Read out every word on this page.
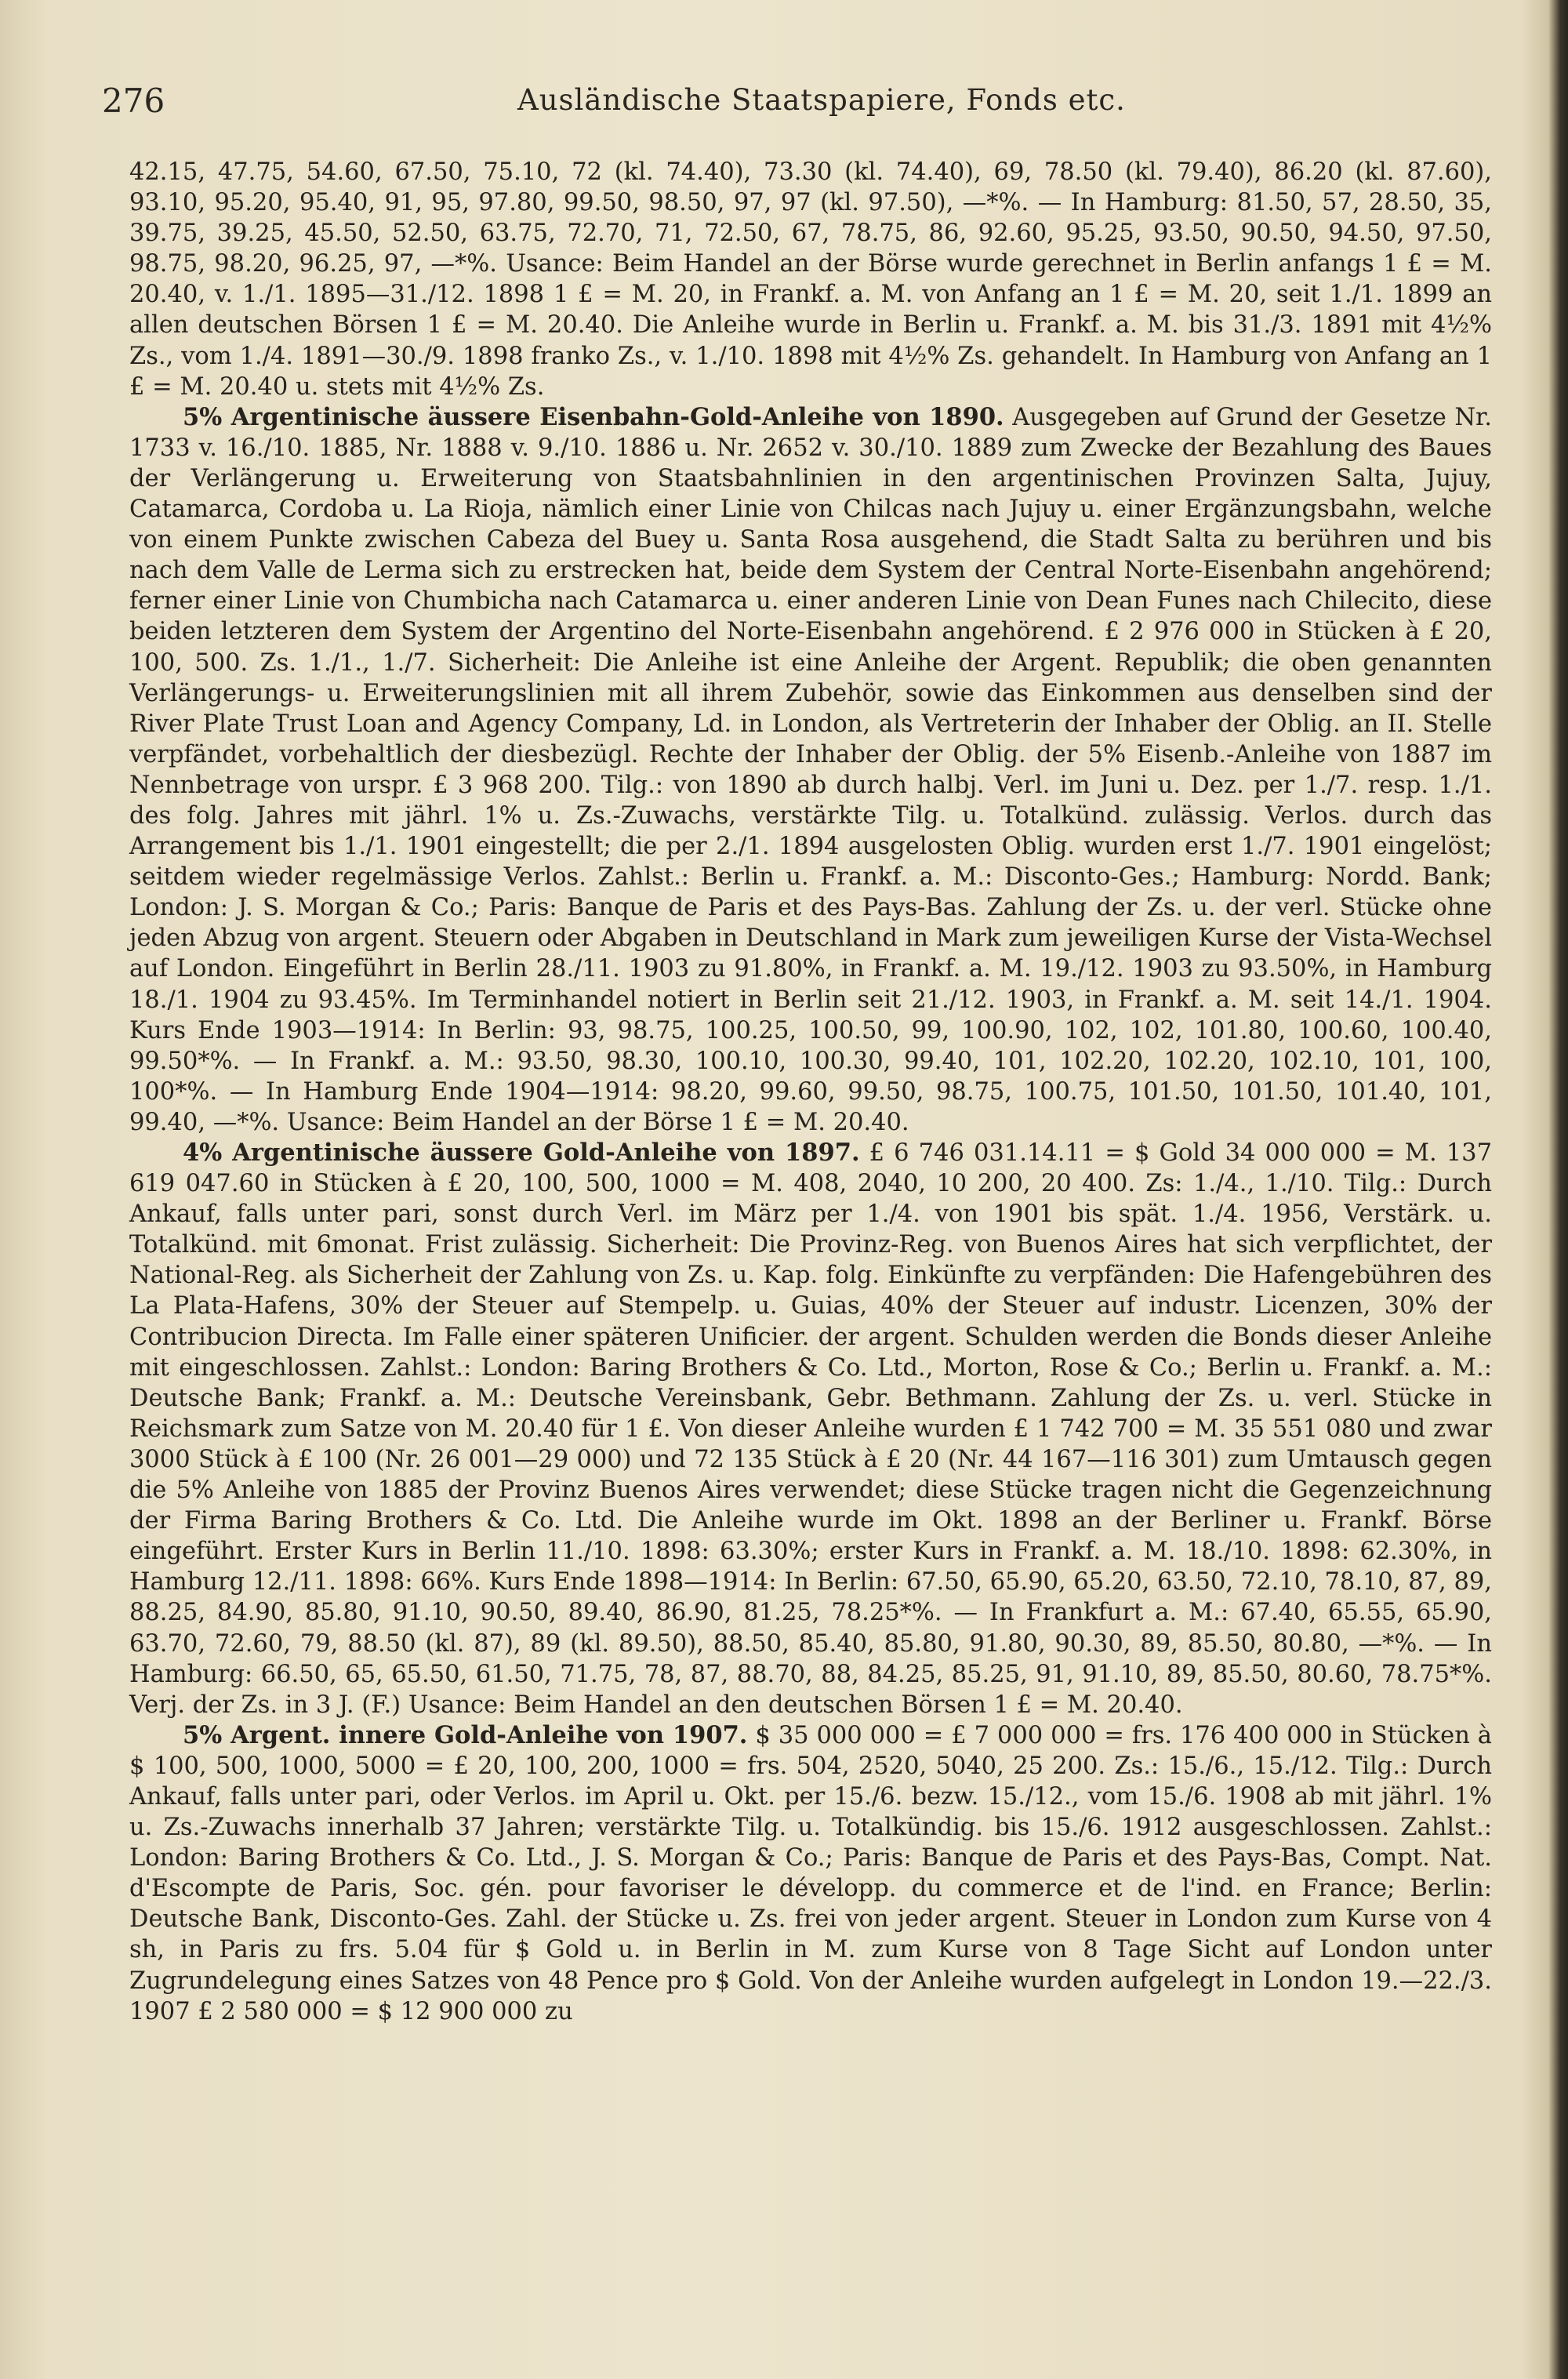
276	Ausländische Staatspapiere, Fonds etc.

42.15, 47.75, 54.60, 67.50, 75.10, 72 (kl. 74.40), 73.30 (kl. 74.40), 69, 78.50 (kl. 79.40), 86.20 (kl. 87.60), 93.10, 95.20, 95.40, 91, 95, 97.80, 99.50, 98.50, 97, 97 (kl. 97.50), —*%. — In Hamburg: 81.50, 57, 28.50, 35, 39.75, 39.25, 45.50, 52.50, 63.75, 72.70, 71, 72.50, 67, 78.75, 86, 92.60, 95.25, 93.50, 90.50, 94.50, 97.50, 98.75, 98.20, 96.25, 97, —*%. Usance: Beim Handel an der Börse wurde gerechnet in Berlin anfangs 1 £ = M. 20.40, v. 1./1. 1895—31./12. 1898 1 £ = M. 20, in Frankf. a. M. von Anfang an 1 £ = M. 20, seit 1./1. 1899 an allen deutschen Börsen 1 £ = M. 20.40. Die Anleihe wurde in Berlin u. Frankf. a. M. bis 31./3. 1891 mit 4½% Zs., vom 1./4. 1891—30./9. 1898 franko Zs., v. 1./10. 1898 mit 4½% Zs. gehandelt. In Hamburg von Anfang an 1 £ = M. 20.40 u. stets mit 4½% Zs.

5% Argentinische äussere Eisenbahn-Gold-Anleihe von 1890. Ausgegeben auf Grund der Gesetze Nr. 1733 v. 16./10. 1885, Nr. 1888 v. 9./10. 1886 u. Nr. 2652 v. 30./10. 1889 zum Zwecke der Bezahlung des Baues der Verlängerung u. Erweiterung von Staatsbahnlinien in den argentinischen Provinzen Salta, Jujuy, Catamarca, Cordoba u. La Rioja, nämlich einer Linie von Chilcas nach Jujuy u. einer Ergänzungsbahn, welche von einem Punkte zwischen Cabeza del Buey u. Santa Rosa ausgehend, die Stadt Salta zu berühren und bis nach dem Valle de Lerma sich zu erstrecken hat, beide dem System der Central Norte-Eisenbahn angehörend; ferner einer Linie von Chumbicha nach Catamarca u. einer anderen Linie von Dean Funes nach Chilecito, diese beiden letzteren dem System der Argentino del Norte-Eisenbahn angehörend. £ 2 976 000 in Stücken à £ 20, 100, 500. Zs. 1./1., 1./7. Sicherheit: Die Anleihe ist eine Anleihe der Argent. Republik; die oben genannten Verlängerungs- u. Erweiterungslinien mit all ihrem Zubehör, sowie das Einkommen aus denselben sind der River Plate Trust Loan and Agency Company, Ld. in London, als Vertreterin der Inhaber der Oblig. an II. Stelle verpfändet, vorbehaltlich der diesbezügl. Rechte der Inhaber der Oblig. der 5% Eisenb.-Anleihe von 1887 im Nennbetrage von urspr. £ 3 968 200. Tilg.: von 1890 ab durch halbj. Verl. im Juni u. Dez. per 1./7. resp. 1./1. des folg. Jahres mit jährl. 1% u. Zs.-Zuwachs, verstärkte Tilg. u. Totalkünd. zulässig. Verlos. durch das Arrangement bis 1./1. 1901 eingestellt; die per 2./1. 1894 ausgelosten Oblig. wurden erst 1./7. 1901 eingelöst; seitdem wieder regelmässige Verlos. Zahlst.: Berlin u. Frankf. a. M.: Disconto-Ges.; Hamburg: Nordd. Bank; London: J. S. Morgan & Co.; Paris: Banque de Paris et des Pays-Bas. Zahlung der Zs. u. der verl. Stücke ohne jeden Abzug von argent. Steuern oder Abgaben in Deutschland in Mark zum jeweiligen Kurse der Vista-Wechsel auf London. Eingeführt in Berlin 28./11. 1903 zu 91.80%, in Frankf. a. M. 19./12. 1903 zu 93.50%, in Hamburg 18./1. 1904 zu 93.45%. Im Terminhandel notiert in Berlin seit 21./12. 1903, in Frankf. a. M. seit 14./1. 1904. Kurs Ende 1903—1914: In Berlin: 93, 98.75, 100.25, 100.50, 99, 100.90, 102, 102, 101.80, 100.60, 100.40, 99.50*%. — In Frankf. a. M.: 93.50, 98.30, 100.10, 100.30, 99.40, 101, 102.20, 102.20, 102.10, 101, 100, 100*%. — In Hamburg Ende 1904—1914: 98.20, 99.60, 99.50, 98.75, 100.75, 101.50, 101.50, 101.40, 101, 99.40, —*%. Usance: Beim Handel an der Börse 1 £ = M. 20.40.

4% Argentinische äussere Gold-Anleihe von 1897. £ 6 746 031.14.11 = $ Gold 34 000 000 = M. 137 619 047.60 in Stücken à £ 20, 100, 500, 1000 = M. 408, 2040, 10 200, 20 400. Zs: 1./4., 1./10. Tilg.: Durch Ankauf, falls unter pari, sonst durch Verl. im März per 1./4. von 1901 bis spät. 1./4. 1956, Verstärk. u. Totalkünd. mit 6monat. Frist zulässig. Sicherheit: Die Provinz-Reg. von Buenos Aires hat sich verpflichtet, der National-Reg. als Sicherheit der Zahlung von Zs. u. Kap. folg. Einkünfte zu verpfänden: Die Hafengebühren des La Plata-Hafens, 30% der Steuer auf Stempelp. u. Guias, 40% der Steuer auf industr. Licenzen, 30% der Contribucion Directa. Im Falle einer späteren Unificier. der argent. Schulden werden die Bonds dieser Anleihe mit eingeschlossen. Zahlst.: London: Baring Brothers & Co. Ltd., Morton, Rose & Co.; Berlin u. Frankf. a. M.: Deutsche Bank; Frankf. a. M.: Deutsche Vereinsbank, Gebr. Bethmann. Zahlung der Zs. u. verl. Stücke in Reichsmark zum Satze von M. 20.40 für 1 £. Von dieser Anleihe wurden £ 1 742 700 = M. 35 551 080 und zwar 3000 Stück à £ 100 (Nr. 26 001—29 000) und 72 135 Stück à £ 20 (Nr. 44 167—116 301) zum Umtausch gegen die 5% Anleihe von 1885 der Provinz Buenos Aires verwendet; diese Stücke tragen nicht die Gegenzeichnung der Firma Baring Brothers & Co. Ltd. Die Anleihe wurde im Okt. 1898 an der Berliner u. Frankf. Börse eingeführt. Erster Kurs in Berlin 11./10. 1898: 63.30%; erster Kurs in Frankf. a. M. 18./10. 1898: 62.30%, in Hamburg 12./11. 1898: 66%. Kurs Ende 1898—1914: In Berlin: 67.50, 65.90, 65.20, 63.50, 72.10, 78.10, 87, 89, 88.25, 84.90, 85.80, 91.10, 90.50, 89.40, 86.90, 81.25, 78.25*%. — In Frankfurt a. M.: 67.40, 65.55, 65.90, 63.70, 72.60, 79, 88.50 (kl. 87), 89 (kl. 89.50), 88.50, 85.40, 85.80, 91.80, 90.30, 89, 85.50, 80.80, —*%. — In Hamburg: 66.50, 65, 65.50, 61.50, 71.75, 78, 87, 88.70, 88, 84.25, 85.25, 91, 91.10, 89, 85.50, 80.60, 78.75*%. Verj. der Zs. in 3 J. (F.) Usance: Beim Handel an den deutschen Börsen 1 £ = M. 20.40.

5% Argent. innere Gold-Anleihe von 1907. $ 35 000 000 = £ 7 000 000 = frs. 176 400 000 in Stücken à $ 100, 500, 1000, 5000 = £ 20, 100, 200, 1000 = frs. 504, 2520, 5040, 25 200. Zs.: 15./6., 15./12. Tilg.: Durch Ankauf, falls unter pari, oder Verlos. im April u. Okt. per 15./6. bezw. 15./12., vom 15./6. 1908 ab mit jährl. 1% u. Zs.-Zuwachs innerhalb 37 Jahren; verstärkte Tilg. u. Totalkündig. bis 15./6. 1912 ausgeschlossen. Zahlst.: London: Baring Brothers & Co. Ltd., J. S. Morgan & Co.; Paris: Banque de Paris et des Pays-Bas, Compt. Nat. d'Escompte de Paris, Soc. gén. pour favoriser le développ. du commerce et de l'ind. en France; Berlin: Deutsche Bank, Disconto-Ges. Zahl. der Stücke u. Zs. frei von jeder argent. Steuer in London zum Kurse von 4 sh, in Paris zu frs. 5.04 für $ Gold u. in Berlin in M. zum Kurse von 8 Tage Sicht auf London unter Zugrundelegung eines Satzes von 48 Pence pro $ Gold. Von der Anleihe wurden aufgelegt in London 19.—22./3. 1907 £ 2 580 000 = $ 12 900 000 zu
